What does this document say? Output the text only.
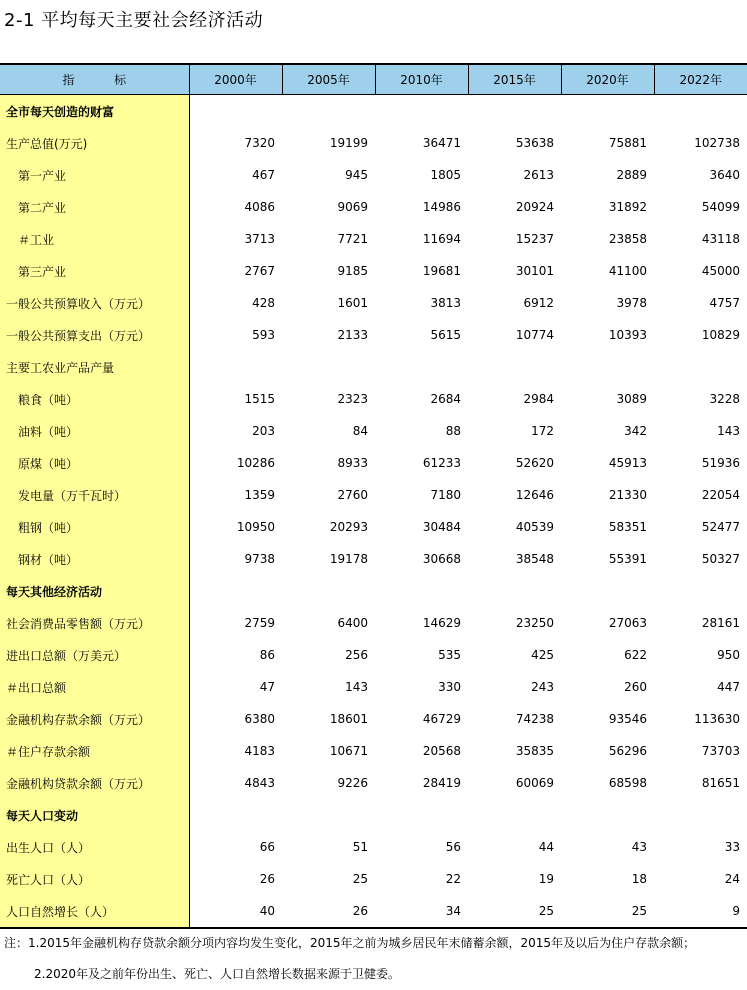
2-1 平均每天主要社会经济活动
指 标	2000年	2005年	2010年	2015年	2020年	2022年
全市每天创造的财富						
生产总值(万元)	7320	19199	36471	53638	75881	102738
第一产业	467	945	1805	2613	2889	3640
第二产业	4086	9069	14986	20924	31892	54099
＃工业	3713	7721	11694	15237	23858	43118
第三产业	2767	9185	19681	30101	41100	45000
一般公共预算收入（万元）	428	1601	3813	6912	3978	4757
一般公共预算支出（万元）	593	2133	5615	10774	10393	10829
主要工农业产品产量						
粮食（吨）	1515	2323	2684	2984	3089	3228
油料（吨）	203	84	88	172	342	143
原煤（吨）	10286	8933	61233	52620	45913	51936
发电量（万千瓦时）	1359	2760	7180	12646	21330	22054
粗钢（吨）	10950	20293	30484	40539	58351	52477
钢材（吨）	9738	19178	30668	38548	55391	50327
每天其他经济活动						
社会消费品零售额（万元）	2759	6400	14629	23250	27063	28161
进出口总额（万美元）	86	256	535	425	622	950
＃出口总额	47	143	330	243	260	447
金融机构存款余额（万元）	6380	18601	46729	74238	93546	113630
＃住户存款余额	4183	10671	20568	35835	56296	73703
金融机构贷款余额（万元）	4843	9226	28419	60069	68598	81651
每天人口变动						
出生人口（人）	66	51	56	44	43	33
死亡人口（人）	26	25	22	19	18	24
人口自然增长（人）	40	26	34	25	25	9
注：1.2015年金融机构存贷款余额分项内容均发生变化，2015年之前为城乡居民年末储蓄余额，2015年及以后为住户存款余额；
2.2020年及之前年份出生、死亡、人口自然增长数据来源于卫健委。
